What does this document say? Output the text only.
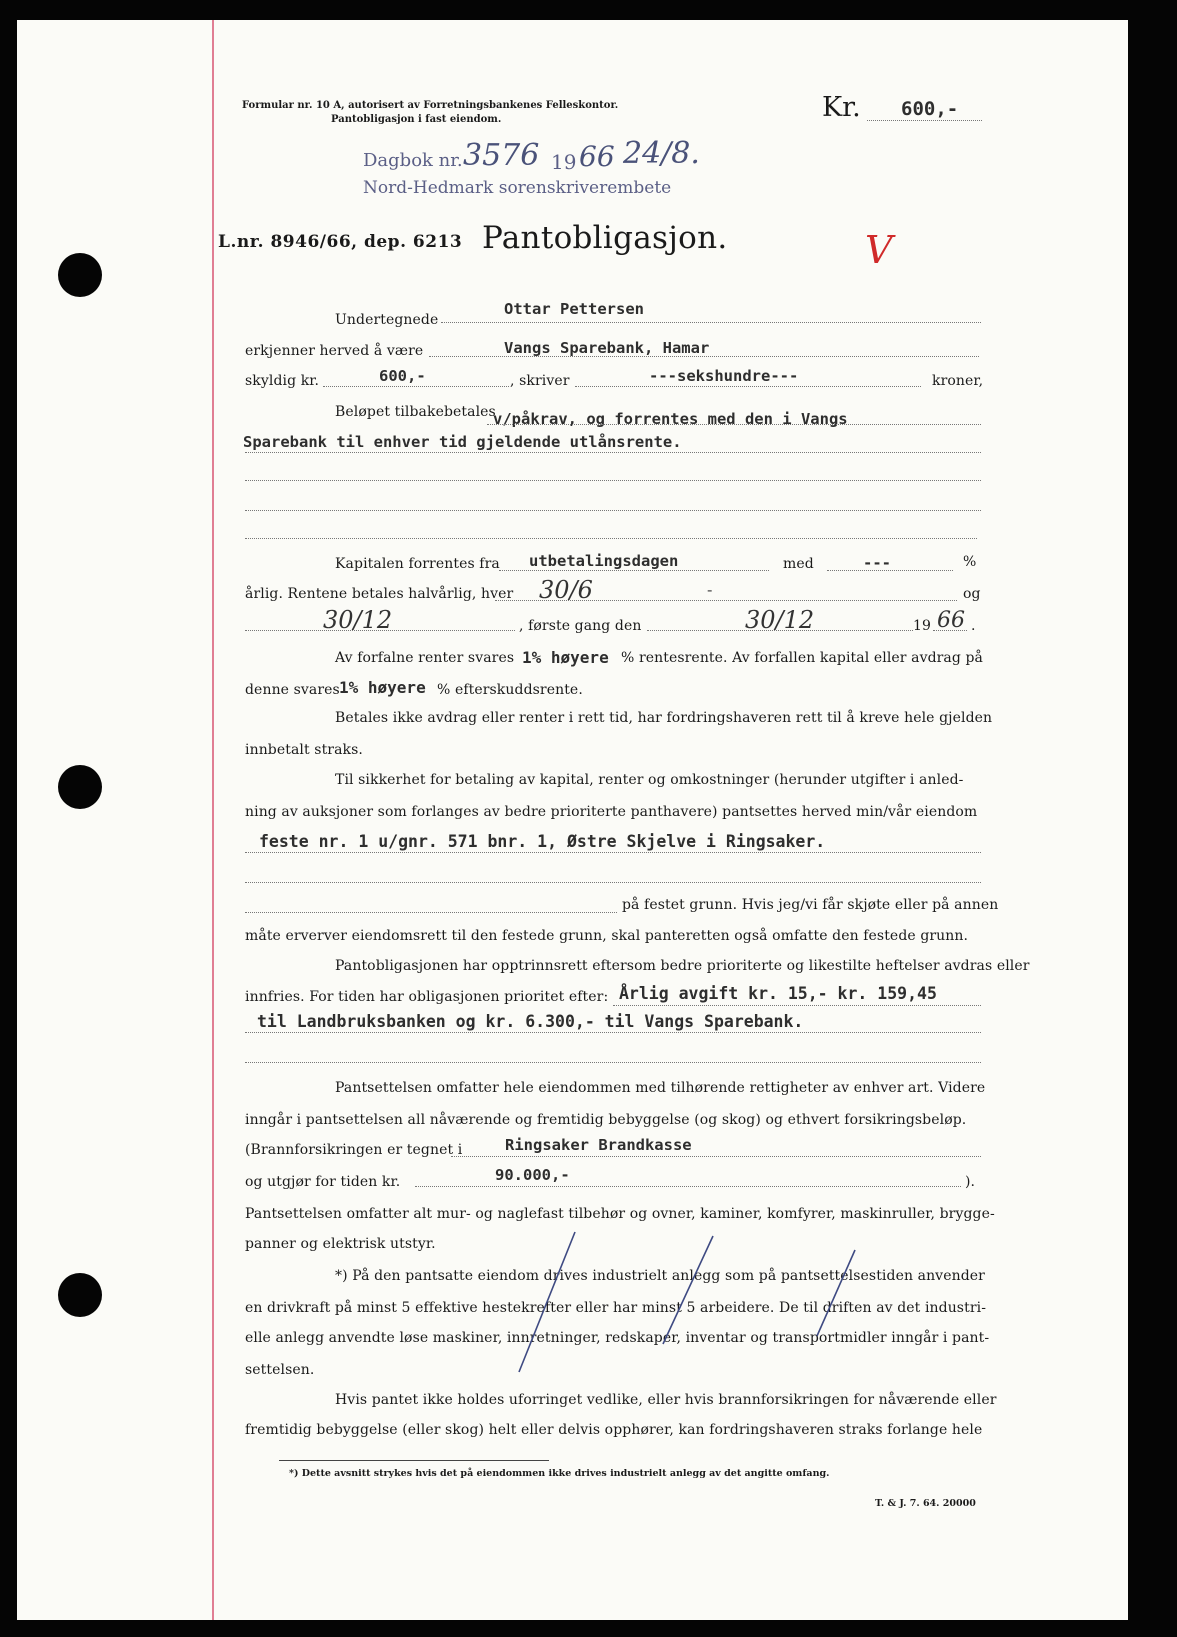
Formular nr. 10 A, autorisert av Forretningsbankenes Felleskontor.
Pantobligasjon i fast eiendom.	Kr. 600,-
Dagbok nr. 3576 19 66 24/8.
Nord-Hedmark sorenskriverembete
L.nr. 8946/66, dep. 6213 Pantobligasjon.	V
Undertegnede
Ottar Pettersen
erkjenner herved å være	Vangs Sparebank, Hamar
skyldig kr.	600,-	, skriver	---sekshundre---	kroner,
Beløpet tilbakebetales
v/påkrav, og forrentes med den i Vangs
Sparebank til enhver tid gjeldende utlånsrente.
Kapitalen forrentes fra utbetalingsdagen	med	---	%
årlig. Rentene betales halvårlig, hver 30/6	-	og
30/12	, første gang den	30/12	19 66 .
Av forfalne renter svares 1% høyere % rentesrente. Av forfallen kapital eller avdrag på
denne svares 1% høyere % efterskuddsrente.
Betales ikke avdrag eller renter i rett tid, har fordringshaveren rett til å kreve hele gjelden
innbetalt straks.
Til sikkerhet for betaling av kapital, renter og omkostninger (herunder utgifter i anled-
ning av auksjoner som forlanges av bedre prioriterte panthavere) pantsettes herved min/vår eiendom
feste nr. 1 u/gnr. 571 bnr. 1, Østre Skjelve i Ringsaker.
på festet grunn. Hvis jeg/vi får skjøte eller på annen
måte erverver eiendomsrett til den festede grunn, skal panteretten også omfatte den festede grunn.
Pantobligasjonen har opptrinnsrett eftersom bedre prioriterte og likestilte heftelser avdras eller
innfries. For tiden har obligasjonen prioritet efter: Årlig avgift kr. 15,- kr. 159,45
til Landbruksbanken og kr. 6.300,- til Vangs Sparebank.
Pantsettelsen omfatter hele eiendommen med tilhørende rettigheter av enhver art. Videre
inngår i pantsettelsen all nåværende og fremtidig bebyggelse (og skog) og ethvert forsikringsbeløp.
(Brannforsikringen er tegnet i	Ringsaker Brandkasse
og utgjør for tiden kr.	90.000,-	).
Pantsettelsen omfatter alt mur- og naglefast tilbehør og ovner, kaminer, komfyrer, maskinruller, brygge-
panner og elektrisk utstyr.
*) På den pantsatte eiendom drives industrielt anlegg som på pantsettelsestiden anvender
en drivkraft på minst 5 effektive hestekrefter eller har minst 5 arbeidere. De til driften av det industri-
elle anlegg anvendte løse maskiner, innretninger, redskaper, inventar og transportmidler inngår i pant-
settelsen.
Hvis pantet ikke holdes uforringet vedlike, eller hvis brannforsikringen for nåværende eller
fremtidig bebyggelse (eller skog) helt eller delvis opphører, kan fordringshaveren straks forlange hele
*) Dette avsnitt strykes hvis det på eiendommen ikke drives industrielt anlegg av det angitte omfang.
T. & J. 7. 64. 20000
